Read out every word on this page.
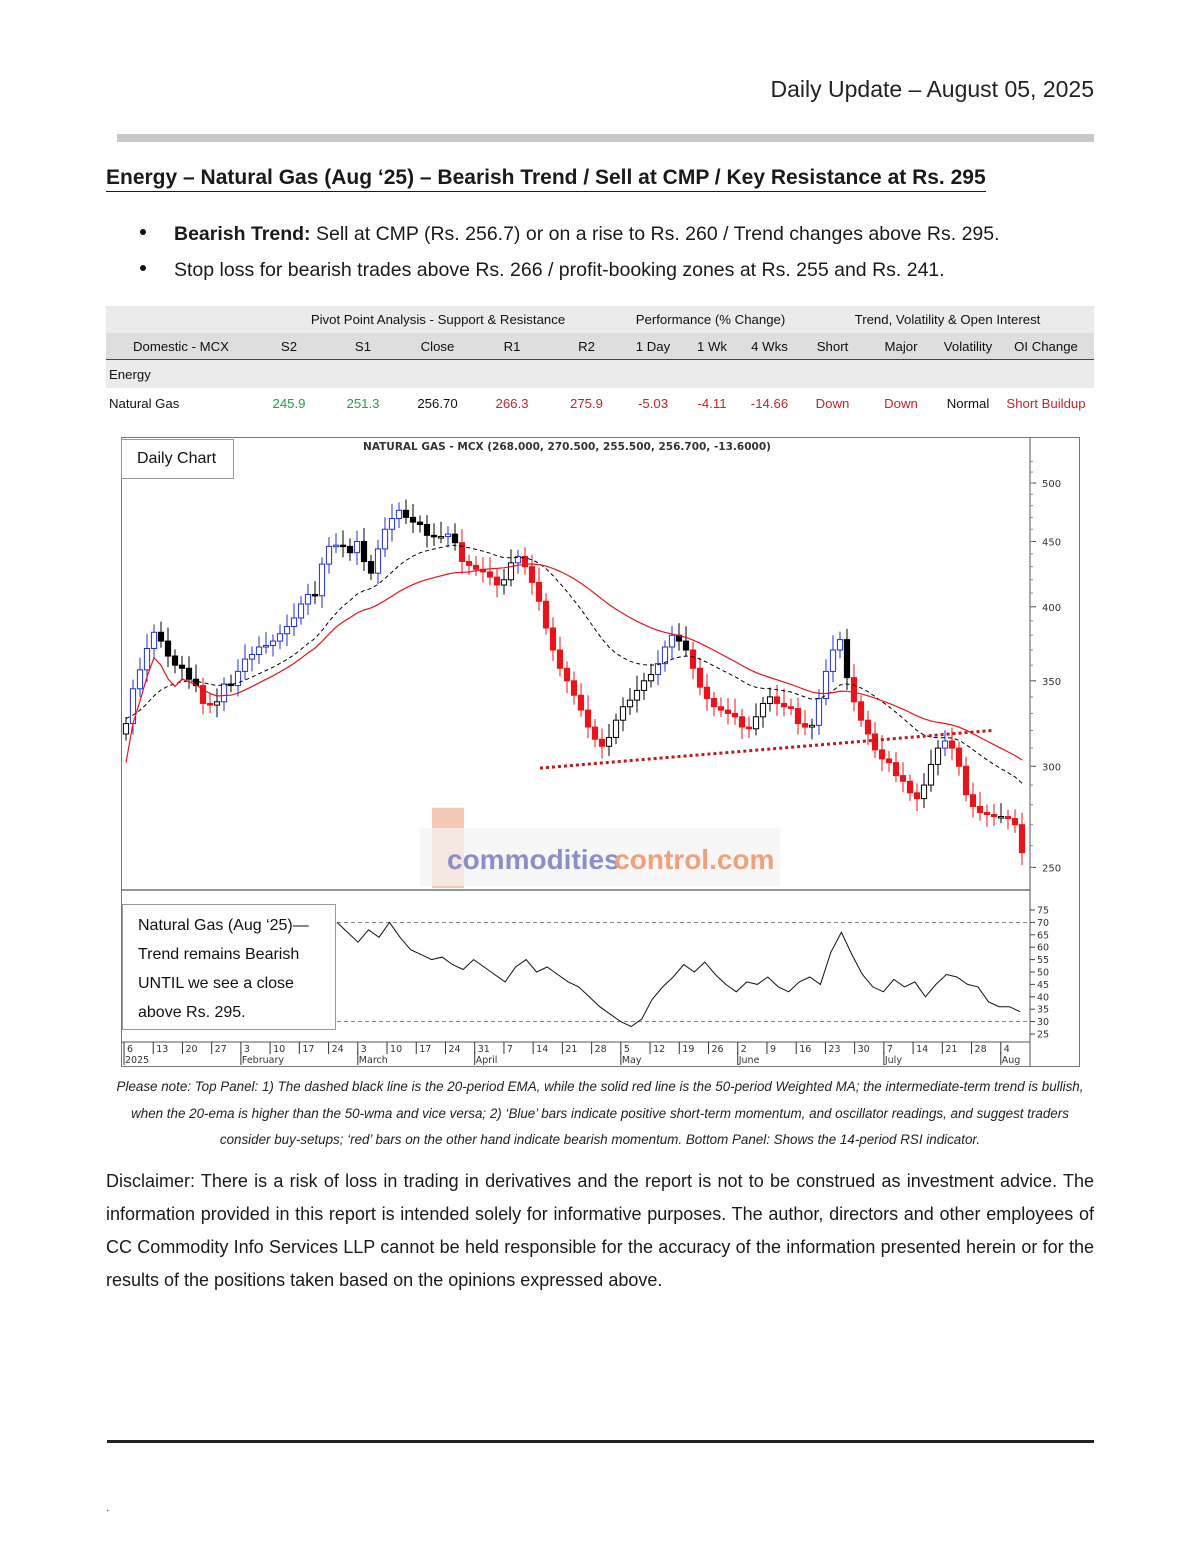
Daily Update – August 05, 2025
Energy – Natural Gas (Aug ‘25) – Bearish Trend / Sell at CMP / Key Resistance at Rs. 295
Bearish Trend: Sell at CMP (Rs. 256.7) or on a rise to Rs. 260 / Trend changes above Rs. 295.
Stop loss for bearish trades above Rs. 266 / profit-booking zones at Rs. 255 and Rs. 241.
	Pivot Point Analysis - Support & Resistance					Performance (% Change)			Trend, Volatility & Open Interest			
Domestic - MCX	S2	S1	Close	R1	R2	1 Day	1 Wk	4 Wks	Short	Major	Volatility	OI Change
Energy												
Natural Gas	245.9	251.3	256.70	266.3	275.9	-5.03	-4.11	-14.66	Down	Down	Normal	Short Buildup
commodities
control.com
NATURAL GAS - MCX (268.000, 270.500, 255.500, 256.700, -13.6000)
500
450
400
350
300
250
75
70
65
60
55
50
45
40
35
30
25
6 13 20 27 3 10 17 24 3 10 17 24 31 7 14 21 28 5 12 19 26 2 9 16 23 30 7 14 21 28 4
2025	February	March	April	May	June	July	Aug
Daily Chart
Natural Gas (Aug ‘25)—
Trend remains Bearish
UNTIL we see a close
above Rs. 295.
Please note: Top Panel: 1) The dashed black line is the 20-period EMA, while the solid red line is the 50-period Weighted MA; the intermediate-term trend is bullish, when the 20-ema is higher than the 50-wma and vice versa; 2) ‘Blue’ bars indicate positive short-term momentum, and oscillator readings, and suggest traders consider buy-setups; ‘red’ bars on the other hand indicate bearish momentum. Bottom Panel: Shows the 14-period RSI indicator.
Disclaimer: There is a risk of loss in trading in derivatives and the report is not to be construed as investment advice. The information provided in this report is intended solely for informative purposes. The author, directors and other employees of CC Commodity Info Services LLP cannot be held responsible for the accuracy of the information presented herein or for the results of the positions taken based on the opinions expressed above.
.
